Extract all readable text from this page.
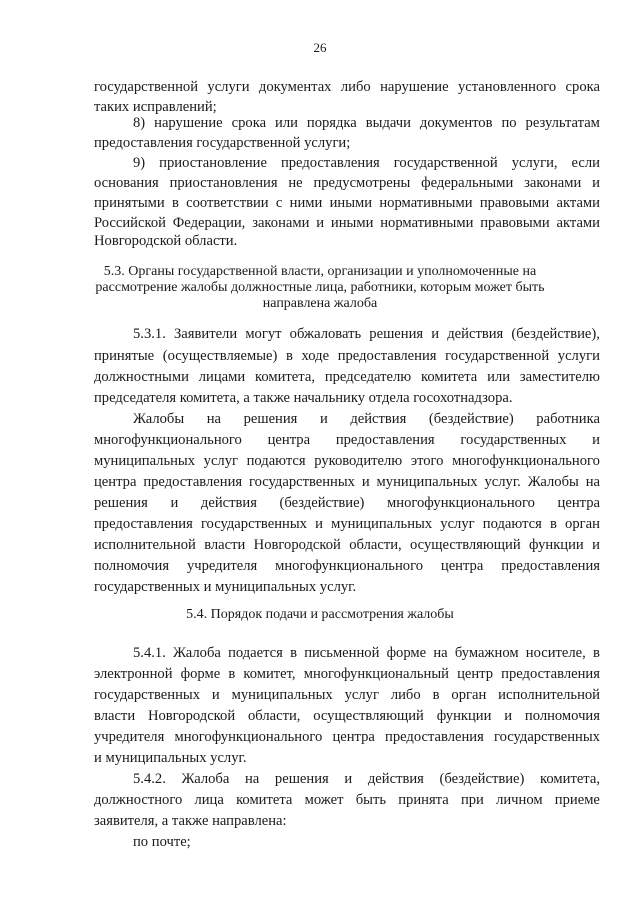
26
государственной услуги документах либо нарушение установленного срока
таких исправлений;
8) нарушение срока или порядка выдачи документов по результатам
предоставления государственной услуги;
9) приостановление предоставления государственной услуги, если
основания приостановления не предусмотрены федеральными законами и
принятыми в соответствии с ними иными нормативными правовыми актами
Российской Федерации, законами и иными нормативными правовыми актами
Новгородской области.
5.3. Органы государственной власти, организации и уполномоченные на
рассмотрение жалобы должностные лица, работники, которым может быть
направлена жалоба
5.3.1. Заявители могут обжаловать решения и действия (бездействие),
принятые (осуществляемые) в ходе предоставления государственной услуги
должностными лицами комитета, председателю комитета или заместителю
председателя комитета, а также начальнику отдела госохотнадзора.
Жалобы на решения и действия (бездействие) работника
многофункционального центра предоставления государственных и
муниципальных услуг подаются руководителю этого многофункционального
центра предоставления государственных и муниципальных услуг. Жалобы на
решения и действия (бездействие) многофункционального центра
предоставления государственных и муниципальных услуг подаются в орган
исполнительной власти Новгородской области, осуществляющий функции и
полномочия учредителя многофункционального центра предоставления
государственных и муниципальных услуг.
5.4. Порядок подачи и рассмотрения жалобы
5.4.1. Жалоба подается в письменной форме на бумажном носителе, в
электронной форме в комитет, многофункциональный центр предоставления
государственных и муниципальных услуг либо в орган исполнительной
власти Новгородской области, осуществляющий функции и полномочия
учредителя многофункционального центра предоставления государственных
и муниципальных услуг.
5.4.2. Жалоба на решения и действия (бездействие) комитета,
должностного лица комитета может быть принята при личном приеме
заявителя, а также направлена:
по почте;
